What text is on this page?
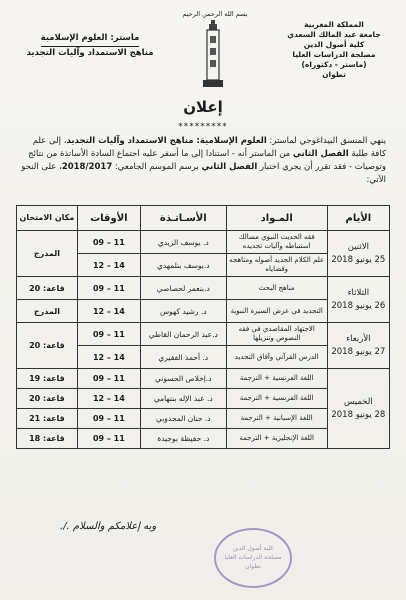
المملكة المغربية
جامعة عبد المالك السعدي
كلية أصول الدين
مصلحة الدراسات العليا
(ماستر - دكتوراه)
تطوان
بسم الله الرحمن الرحيم
ماستر: العلوم الإسلامية
مناهج الاستمداد وآليات التجديد
إعلان
*********
ينهي المنسق البيداغوجي لماستر: العلوم الإسلامية: مناهج الاستمداد وآليات التجديد، إلى علم كافة طلبة الفصل الثاني من الماستر أنه - استنادا إلى ما أسفر عليه اجتماع السادة الأساتذة من نتائج وتوصيات - فقد تقرر أن يجري اختبار الفصل الثاني برسم الموسم الجامعي: 2018/2017، على النحو الآتي:
الأيام	المـواد	الأسـاتـذة	الأوقات	مكان الامتحان

الاثنين
25 يونيو 2018	فقه الحديث النبوي مسالك استنباطه وآليات تجديده	د. يوسف الزيدي	09 – 11	المدرج
	علم الكلام الجديد أصوله ومناهجه وقضاياه	د.يوسف بنلمهدي	12 – 14	

الثلاثاء
26 يونيو 2018	مناهج البحث	د.بنعمر لحصاصي	09 – 11	قاعة: 20
	التجديد في عرض السيرة النبوية	د. رشيد كهوس	12 – 14	المدرج

الأربعاء
27 يونيو 2018	الاجتهاد المقاصدي في فقه النصوص وتنزيلها	د.عبد الرحمان القاطي	09 – 11	قاعة: 20
	الدرس القرآني وآفاق التجديد	د. أحمد الفقيري	12 – 14	

الخميس
28 يونيو 2018	اللغة الفرنسية + الترجمة	د.إخلاص الحسوني	09 – 11	قاعة: 19
	اللغة الفرنسية + الترجمة	د. عبد الإله بنتهامي	12 – 14	قاعة: 20
	اللغة الإسبانية + الترجمة	د. حنان المجدوبي	09 – 11	قاعة: 21
	اللغة الإنجليزية + الترجمة	د. حفيظة بوجيدة	09 – 11	قاعة: 18
وبه إعلامكم والسلام ./.
كلية أصول الدين
مصلحة الدراسات العليا
تطوان
